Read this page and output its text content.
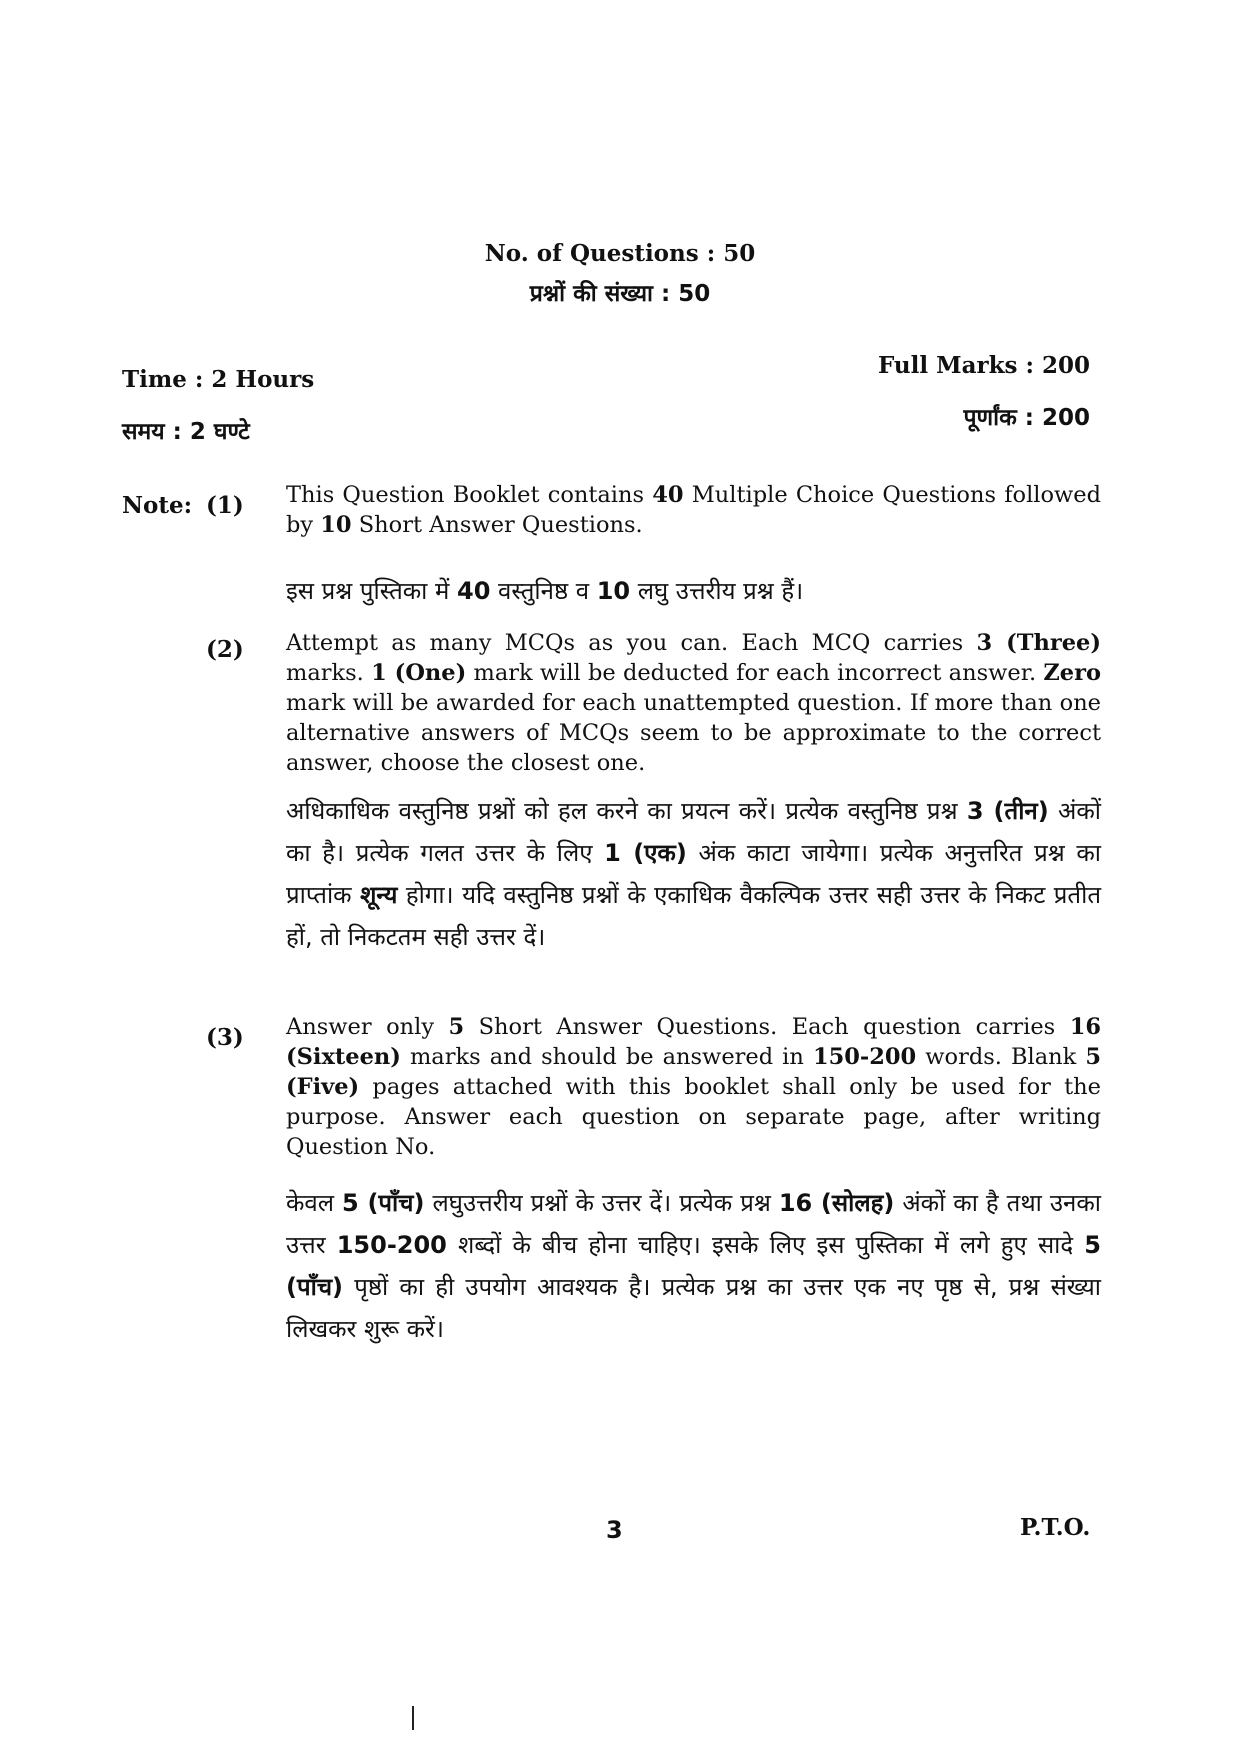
No. of Questions : 50
प्रश्नों की संख्या : 50
Time : 2 Hours
समय : 2 घण्टे
Full Marks : 200
पूर्णांक : 200
Note: (1) This Question Booklet contains 40 Multiple Choice Questions followed by 10 Short Answer Questions.
इस प्रश्न पुस्तिका में 40 वस्तुनिष्ठ व 10 लघु उत्तरीय प्रश्न हैं।
(2) Attempt as many MCQs as you can. Each MCQ carries 3 (Three) marks. 1 (One) mark will be deducted for each incorrect answer. Zero mark will be awarded for each unattempted question. If more than one alternative answers of MCQs seem to be approximate to the correct answer, choose the closest one.
अधिकाधिक वस्तुनिष्ठ प्रश्नों को हल करने का प्रयत्न करें। प्रत्येक वस्तुनिष्ठ प्रश्न 3 (तीन) अंकों का है। प्रत्येक गलत उत्तर के लिए 1 (एक) अंक काटा जायेगा। प्रत्येक अनुत्तरित प्रश्न का प्राप्तांक शून्य होगा। यदि वस्तुनिष्ठ प्रश्नों के एकाधिक वैकल्पिक उत्तर सही उत्तर के निकट प्रतीत हों, तो निकटतम सही उत्तर दें।
(3) Answer only 5 Short Answer Questions. Each question carries 16 (Sixteen) marks and should be answered in 150-200 words. Blank 5 (Five) pages attached with this booklet shall only be used for the purpose. Answer each question on separate page, after writing Question No.
केवल 5 (पाँच) लघुउत्तरीय प्रश्नों के उत्तर दें। प्रत्येक प्रश्न 16 (सोलह) अंकों का है तथा उनका उत्तर 150-200 शब्दों के बीच होना चाहिए। इसके लिए इस पुस्तिका में लगे हुए सादे 5 (पाँच) पृष्ठों का ही उपयोग आवश्यक है। प्रत्येक प्रश्न का उत्तर एक नए पृष्ठ से, प्रश्न संख्या लिखकर शुरू करें।
3	P.T.O.
